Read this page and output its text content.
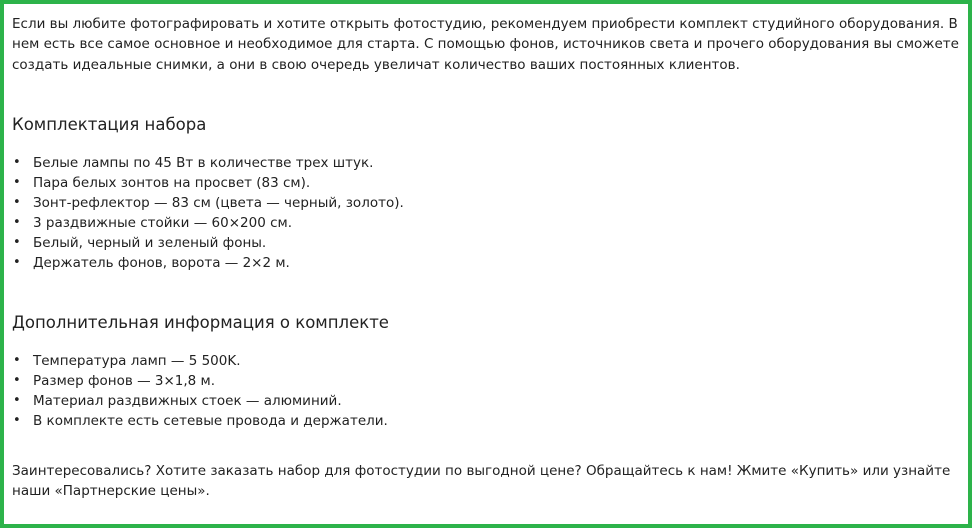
Если вы любите фотографировать и хотите открыть фотостудию, рекомендуем приобрести комплект студийного оборудования. В нем есть все самое основное и необходимое для старта. С помощью фонов, источников света и прочего оборудования вы сможете создать идеальные снимки, а они в свою очередь увеличат количество ваших постоянных клиентов.

Комплектация набора
• Белые лампы по 45 Вт в количестве трех штук.
• Пара белых зонтов на просвет (83 см).
• Зонт-рефлектор — 83 см (цвета — черный, золото).
• 3 раздвижные стойки — 60×200 см.
• Белый, черный и зеленый фоны.
• Держатель фонов, ворота — 2×2 м.
Дополнительная информация о комплекте
• Температура ламп — 5 500K.
• Размер фонов — 3×1,8 м.
• Материал раздвижных стоек — алюминий.
• В комплекте есть сетевые провода и держатели.

Заинтересовались? Хотите заказать набор для фотостудии по выгодной цене? Обращайтесь к нам! Жмите «Купить» или узнайте наши «Партнерские цены».
